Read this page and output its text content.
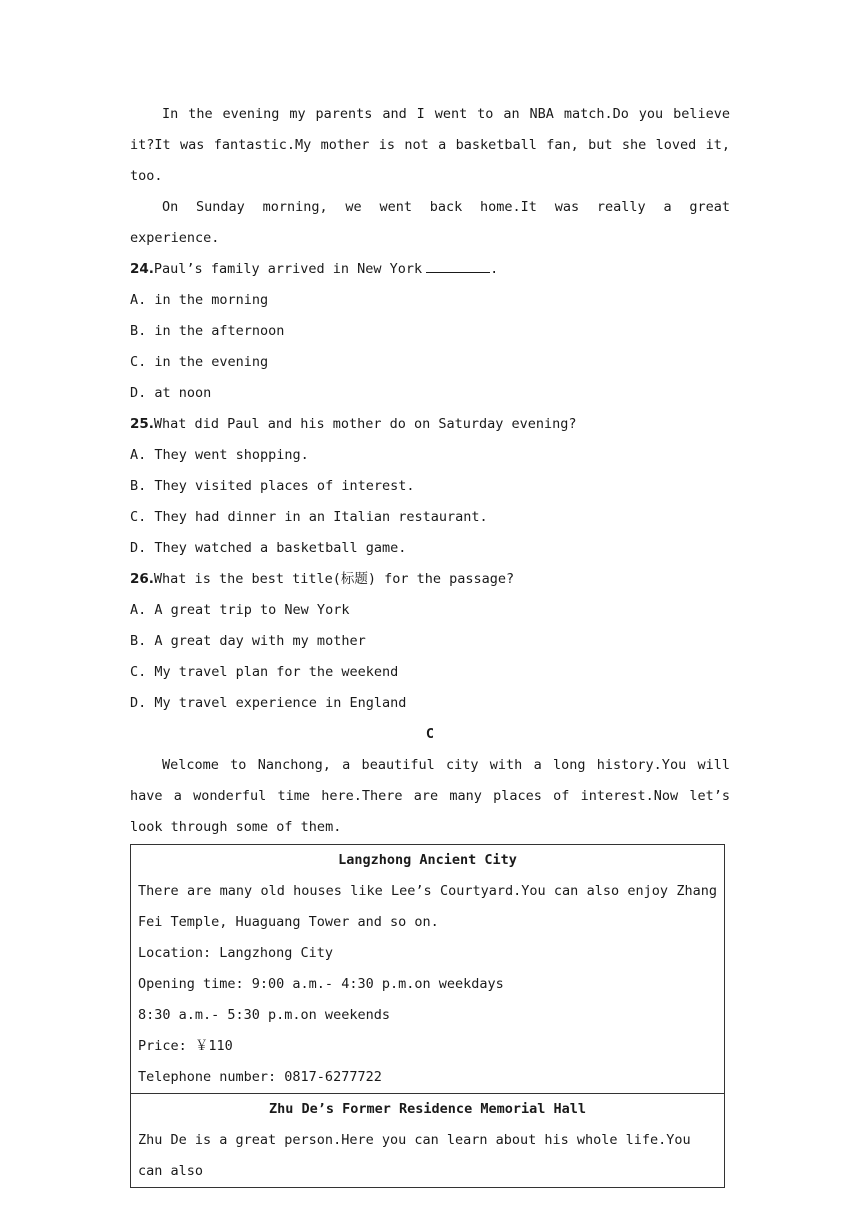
In the evening my parents and I went to an NBA match.Do you believe it?It was fantastic.My mother is not a basketball fan, but she loved it, too.
On Sunday morning, we went back home.It was really a great experience.
24.Paul’s family arrived in New York	.
A. in the morning
B. in the afternoon
C. in the evening
D. at noon
25.What did Paul and his mother do on Saturday evening?
A. They went shopping.
B. They visited places of interest.
C. They had dinner in an Italian restaurant.
D. They watched a basketball game.
26.What is the best title(标题) for the passage?
A. A great trip to New York
B. A great day with my mother
C. My travel plan for the weekend
D. My travel experience in England
C
Welcome to Nanchong, a beautiful city with a long history.You will have a wonderful time here.There are many places of interest.Now let’s look through some of them.
Langzhong Ancient City
There are many old houses like Lee’s Courtyard.You can also enjoy Zhang Fei Temple, Huaguang Tower and so on.
Location: Langzhong City
Opening time: 9:00 a.m.- 4:30 p.m.on weekdays
8:30 a.m.- 5:30 p.m.on weekends
Price: ￥110
Telephone number: 0817-6277722

Zhu De’s Former Residence Memorial Hall
Zhu De is a great person.Here you can learn about his whole life.You can also
